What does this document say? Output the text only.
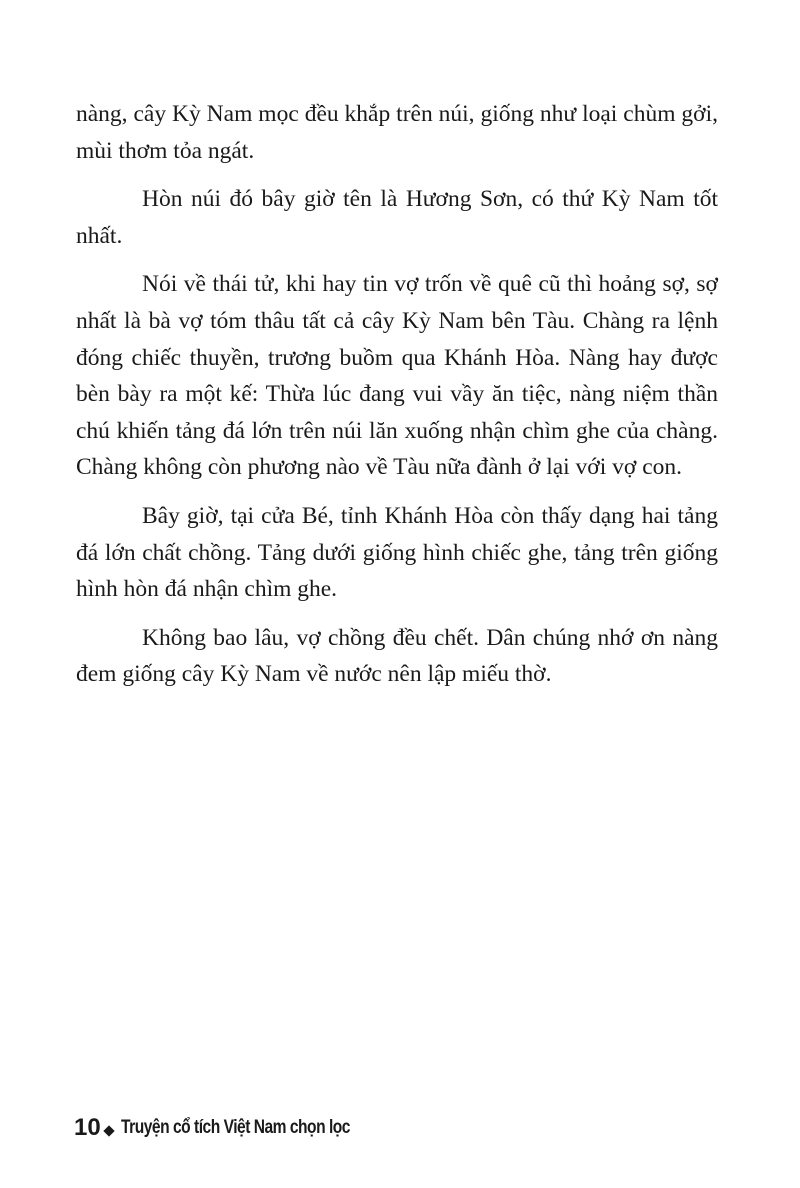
nàng, cây Kỳ Nam mọc đều khắp trên núi, giống như loại chùm gởi, mùi thơm tỏa ngát.

Hòn núi đó bây giờ tên là Hương Sơn, có thứ Kỳ Nam tốt nhất.

Nói về thái tử, khi hay tin vợ trốn về quê cũ thì hoảng sợ, sợ nhất là bà vợ tóm thâu tất cả cây Kỳ Nam bên Tàu. Chàng ra lệnh đóng chiếc thuyền, trương buồm qua Khánh Hòa. Nàng hay được bèn bày ra một kế: Thừa lúc đang vui vầy ăn tiệc, nàng niệm thần chú khiến tảng đá lớn trên núi lăn xuống nhận chìm ghe của chàng. Chàng không còn phương nào về Tàu nữa đành ở lại với vợ con.

Bây giờ, tại cửa Bé, tỉnh Khánh Hòa còn thấy dạng hai tảng đá lớn chất chồng. Tảng dưới giống hình chiếc ghe, tảng trên giống hình hòn đá nhận chìm ghe.

Không bao lâu, vợ chồng đều chết. Dân chúng nhớ ơn nàng đem giống cây Kỳ Nam về nước nên lập miếu thờ.

10 Truyện cổ tích Việt Nam chọn lọc
